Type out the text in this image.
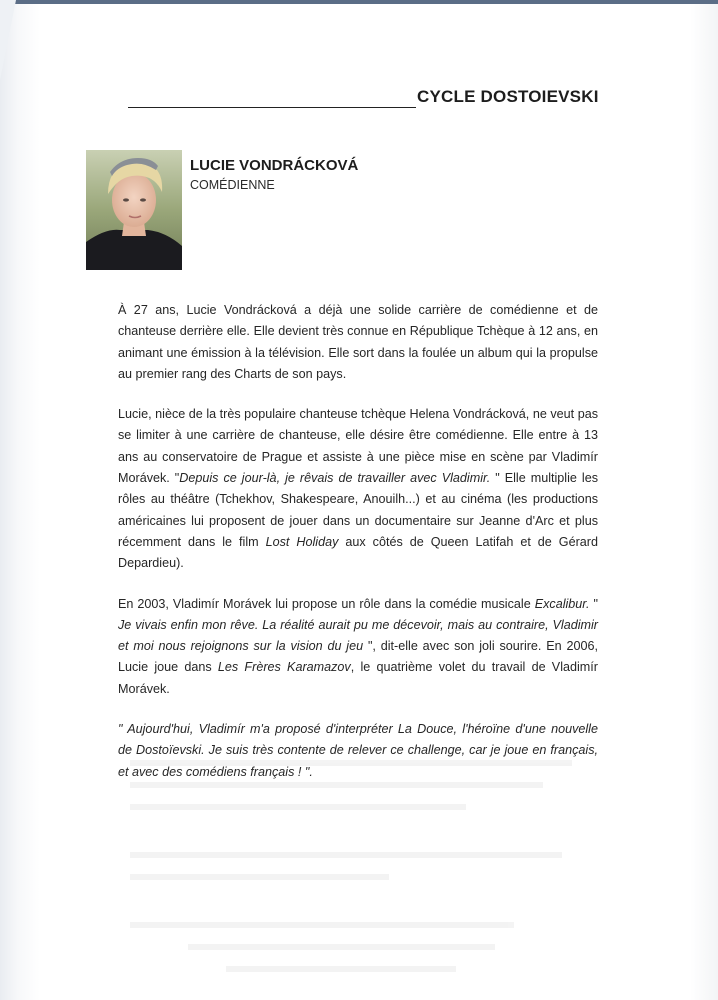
CYCLE DOSTOIEVSKI
LUCIE VONDRÁCKOVÁ
COMÉDIENNE

À 27 ans, Lucie Vondrácková a déjà une solide carrière de comédienne et de chanteuse derrière elle. Elle devient très connue en République Tchèque à 12 ans, en animant une émission à la télévision. Elle sort dans la foulée un album qui la propulse au premier rang des Charts de son pays.

Lucie, nièce de la très populaire chanteuse tchèque Helena Vondrácková, ne veut pas se limiter à une carrière de chanteuse, elle désire être comédienne. Elle entre à 13 ans au conservatoire de Prague et assiste à une pièce mise en scène par Vladimír Morávek. "Depuis ce jour-là, je rêvais de travailler avec Vladimir. " Elle multiplie les rôles au théâtre (Tchekhov, Shakespeare, Anouilh...) et au cinéma (les productions américaines lui proposent de jouer dans un documentaire sur Jeanne d'Arc et plus récemment dans le film Lost Holiday aux côtés de Queen Latifah et de Gérard Depardieu).

En 2003, Vladimír Morávek lui propose un rôle dans la comédie musicale Excalibur. " Je vivais enfin mon rêve. La réalité aurait pu me décevoir, mais au contraire, Vladimir et moi nous rejoignons sur la vision du jeu ", dit-elle avec son joli sourire. En 2006, Lucie joue dans Les Frères Karamazov, le quatrième volet du travail de Vladimír Morávek.

" Aujourd'hui, Vladimír m'a proposé d'interpréter La Douce, l'héroïne d'une nouvelle de Dostoïevski. Je suis très contente de relever ce challenge, car je joue en français, et avec des comédiens français ! ".
